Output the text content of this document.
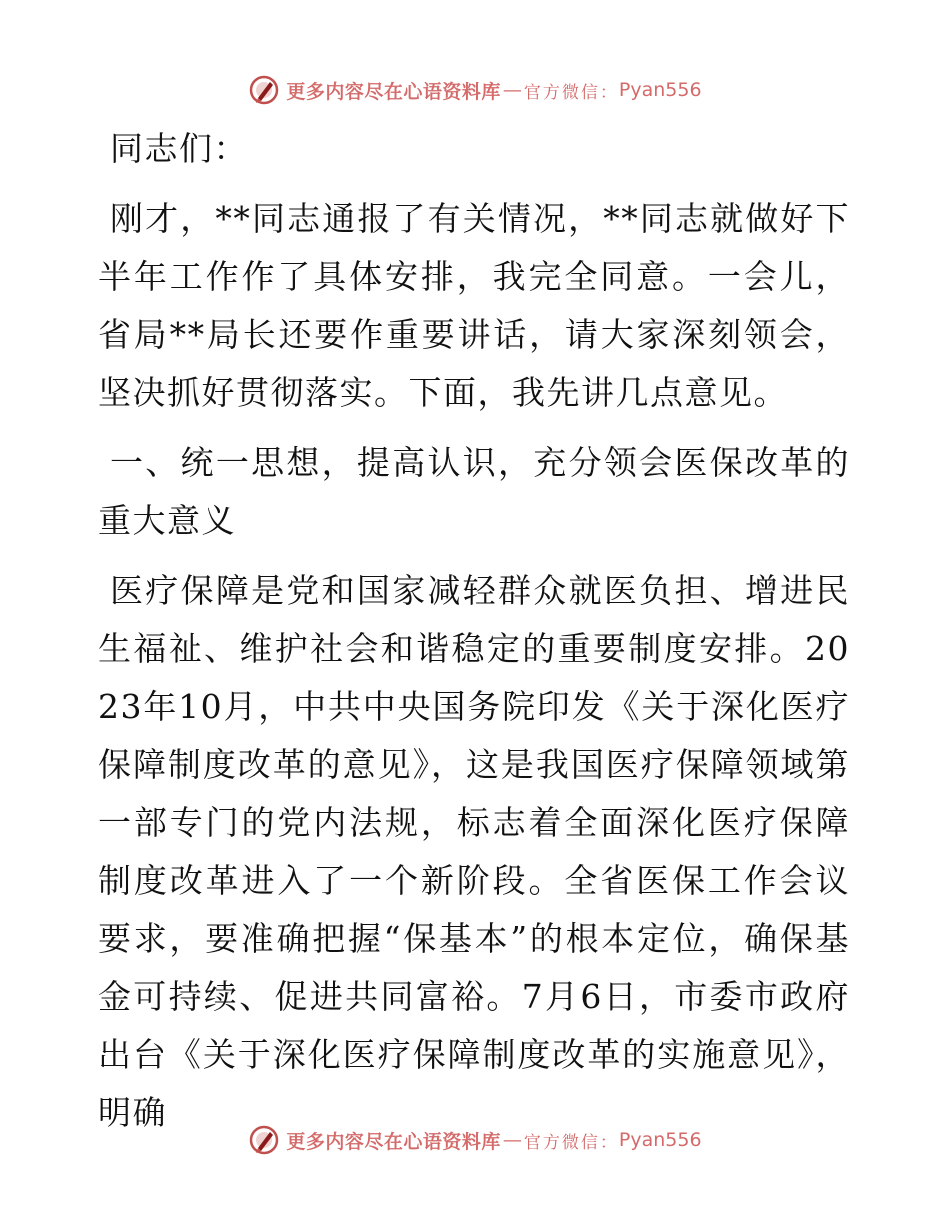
更多内容尽在心语资料库 — 官方微信： Pyan556

同志们：

刚才，**同志通报了有关情况，**同志就做好下半年工作作了具体安排，我完全同意。一会儿，省局**局长还要作重要讲话，请大家深刻领会，坚决抓好贯彻落实。下面，我先讲几点意见。

一、统一思想，提高认识，充分领会医保改革的重大意义

医疗保障是党和国家减轻群众就医负担、增进民生福祉、维护社会和谐稳定的重要制度安排。2023年10月，中共中央国务院印发《关于深化医疗保障制度改革的意见》，这是我国医疗保障领域第一部专门的党内法规，标志着全面深化医疗保障制度改革进入了一个新阶段。全省医保工作会议要求，要准确把握“保基本”的根本定位，确保基金可持续、促进共同富裕。7月6日，市委市政府出台《关于深化医疗保障制度改革的实施意见》，明确

更多内容尽在心语资料库 — 官方微信： Pyan556
